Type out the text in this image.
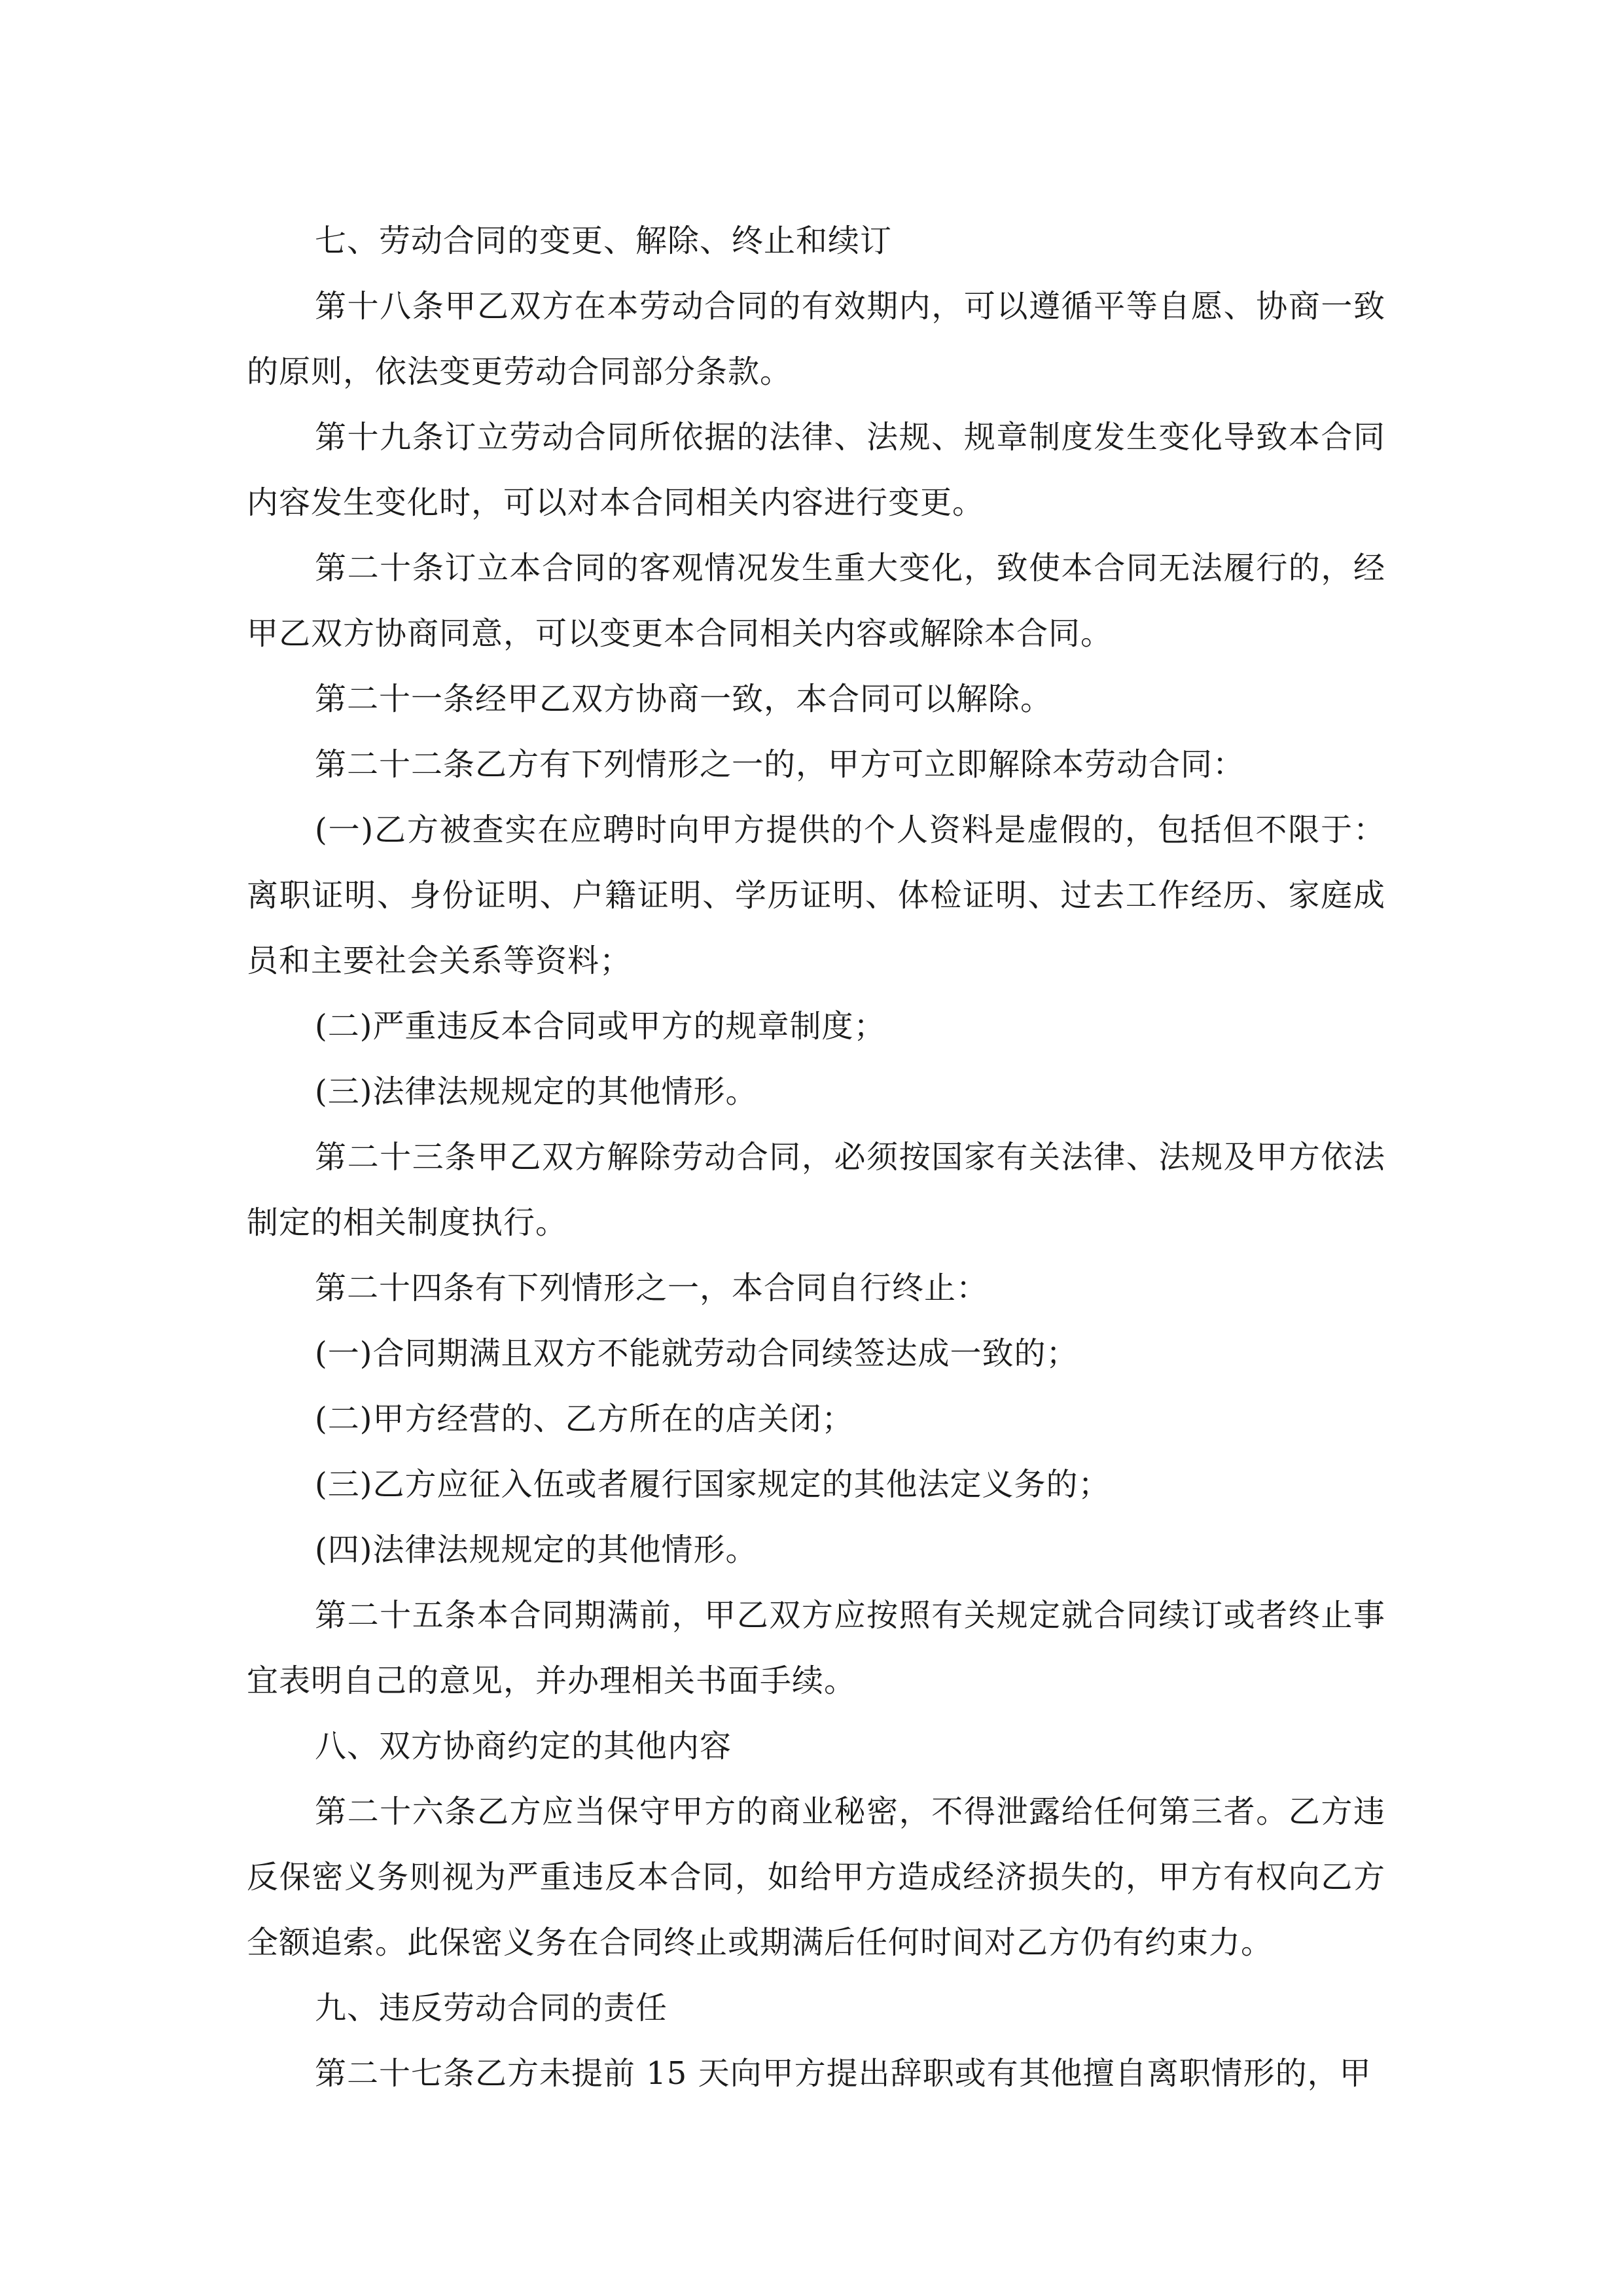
七、劳动合同的变更、解除、终止和续订

第十八条甲乙双方在本劳动合同的有效期内，可以遵循平等自愿、协商一致的原则，依法变更劳动合同部分条款。

第十九条订立劳动合同所依据的法律、法规、规章制度发生变化导致本合同内容发生变化时，可以对本合同相关内容进行变更。

第二十条订立本合同的客观情况发生重大变化，致使本合同无法履行的，经甲乙双方协商同意，可以变更本合同相关内容或解除本合同。

第二十一条经甲乙双方协商一致，本合同可以解除。

第二十二条乙方有下列情形之一的，甲方可立即解除本劳动合同：

(一)乙方被查实在应聘时向甲方提供的个人资料是虚假的，包括但不限于：离职证明、身份证明、户籍证明、学历证明、体检证明、过去工作经历、家庭成员和主要社会关系等资料；

(二)严重违反本合同或甲方的规章制度；

(三)法律法规规定的其他情形。

第二十三条甲乙双方解除劳动合同，必须按国家有关法律、法规及甲方依法制定的相关制度执行。

第二十四条有下列情形之一，本合同自行终止：

(一)合同期满且双方不能就劳动合同续签达成一致的；

(二)甲方经营的、乙方所在的店关闭；

(三)乙方应征入伍或者履行国家规定的其他法定义务的；

(四)法律法规规定的其他情形。

第二十五条本合同期满前，甲乙双方应按照有关规定就合同续订或者终止事宜表明自己的意见，并办理相关书面手续。

八、双方协商约定的其他内容

第二十六条乙方应当保守甲方的商业秘密，不得泄露给任何第三者。乙方违反保密义务则视为严重违反本合同，如给甲方造成经济损失的，甲方有权向乙方全额追索。此保密义务在合同终止或期满后任何时间对乙方仍有约束力。

九、违反劳动合同的责任

第二十七条乙方未提前 15 天向甲方提出辞职或有其他擅自离职情形的，甲
